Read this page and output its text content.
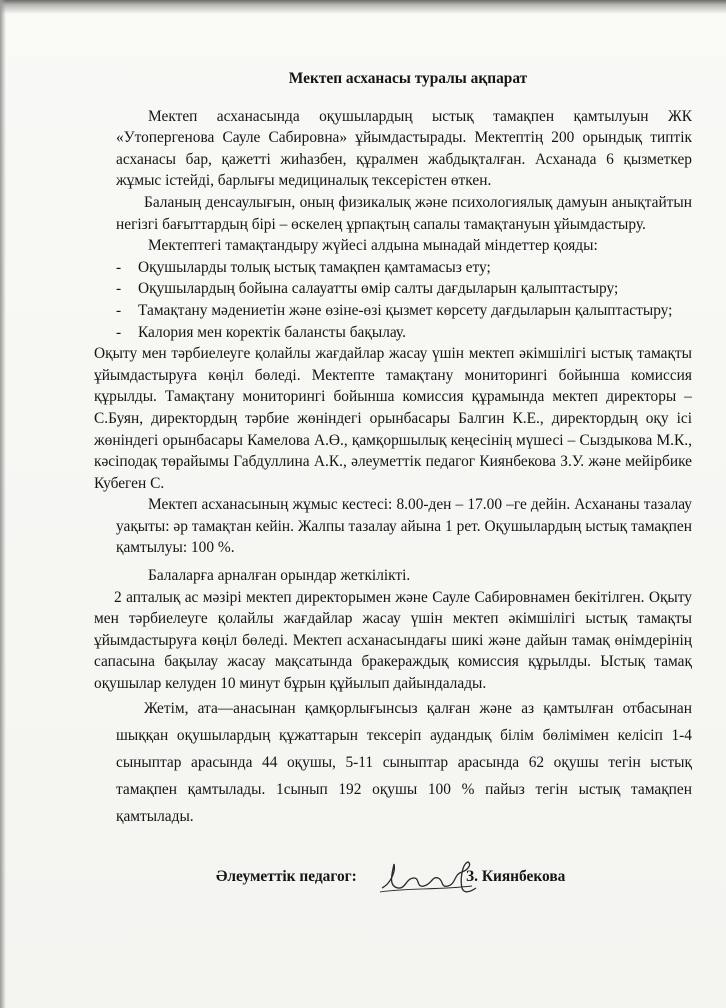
Мектеп асханасы туралы ақпарат

Мектеп асханасында оқушылардың ыстық тамақпен қамтылуын ЖК «Утопергенова Сауле Сабировна» ұйымдастырады. Мектептің 200 орындық типтік асханасы бар, қажетті жиһазбен, құралмен жабдықталған. Асханада 6 қызметкер жұмыс істейді, барлығы медициналық тексерістен өткен.

Баланың денсаулығын, оның физикалық және психологиялық дамуын анықтайтын негізгі бағыттардың бірі – өскелең ұрпақтың сапалы тамақтануын ұйымдастыру.

Мектептегі тамақтандыру жүйесі алдына мынадай міндеттер қояды:

- Оқушыларды толық ыстық тамақпен қамтамасыз ету;
- Оқушылардың бойына салауатты өмір салты дағдыларын қалыптастыру;
- Тамақтану мәдениетін және өзіне-өзі қызмет көрсету дағдыларын қалыптастыру;
- Калория мен коректік балансты бақылау.

Оқыту мен тәрбиелеуге қолайлы жағдайлар жасау үшін мектеп әкімшілігі ыстық тамақты ұйымдастыруға көңіл бөледі. Мектепте тамақтану мониторингі бойынша комиссия құрылды. Тамақтану мониторингі бойынша комиссия құрамында мектеп директоры – С.Буян, директордың тәрбие жөніндегі орынбасары Балгин К.Е., директордың оқу ісі жөніндегі орынбасары Камелова А.Ө., қамқоршылық кеңесінің мүшесі – Сыздыкова М.К., кәсіподақ төрайымы Габдуллина А.К., әлеуметтік педагог Киянбекова З.У. және мейірбике Кубеген С.

Мектеп асханасының жұмыс кестесі: 8.00-ден – 17.00 –ге дейін. Асхананы тазалау уақыты: әр тамақтан кейін. Жалпы тазалау айына 1 рет. Оқушылардың ыстық тамақпен қамтылуы: 100 %.

Балаларға арналған орындар жеткілікті.

2 апталық ас мәзірі мектеп директорымен және Сауле Сабировнамен бекітілген. Оқыту мен тәрбиелеуге қолайлы жағдайлар жасау үшін мектеп әкімшілігі ыстық тамақты ұйымдастыруға көңіл бөледі. Мектеп асханасындағы шикі және дайын тамақ өнімдерінің сапасына бақылау жасау мақсатында бракераждық комиссия құрылды. Ыстық тамақ оқушылар келуден 10 минут бұрын құйылып дайындалады.

Жетім, ата—анасынан қамқорлығынсыз қалған және аз қамтылған отбасынан шыққан оқушылардың құжаттарын тексеріп аудандық білім бөлімімен келісіп 1-4 сыныптар арасында 44 оқушы, 5-11 сыныптар арасында 62 оқушы тегін ыстық тамақпен қамтылады. 1сынып 192 оқушы 100 % пайыз тегін ыстық тамақпен қамтылады.

Әлеуметтік педагог:	З. Киянбекова
